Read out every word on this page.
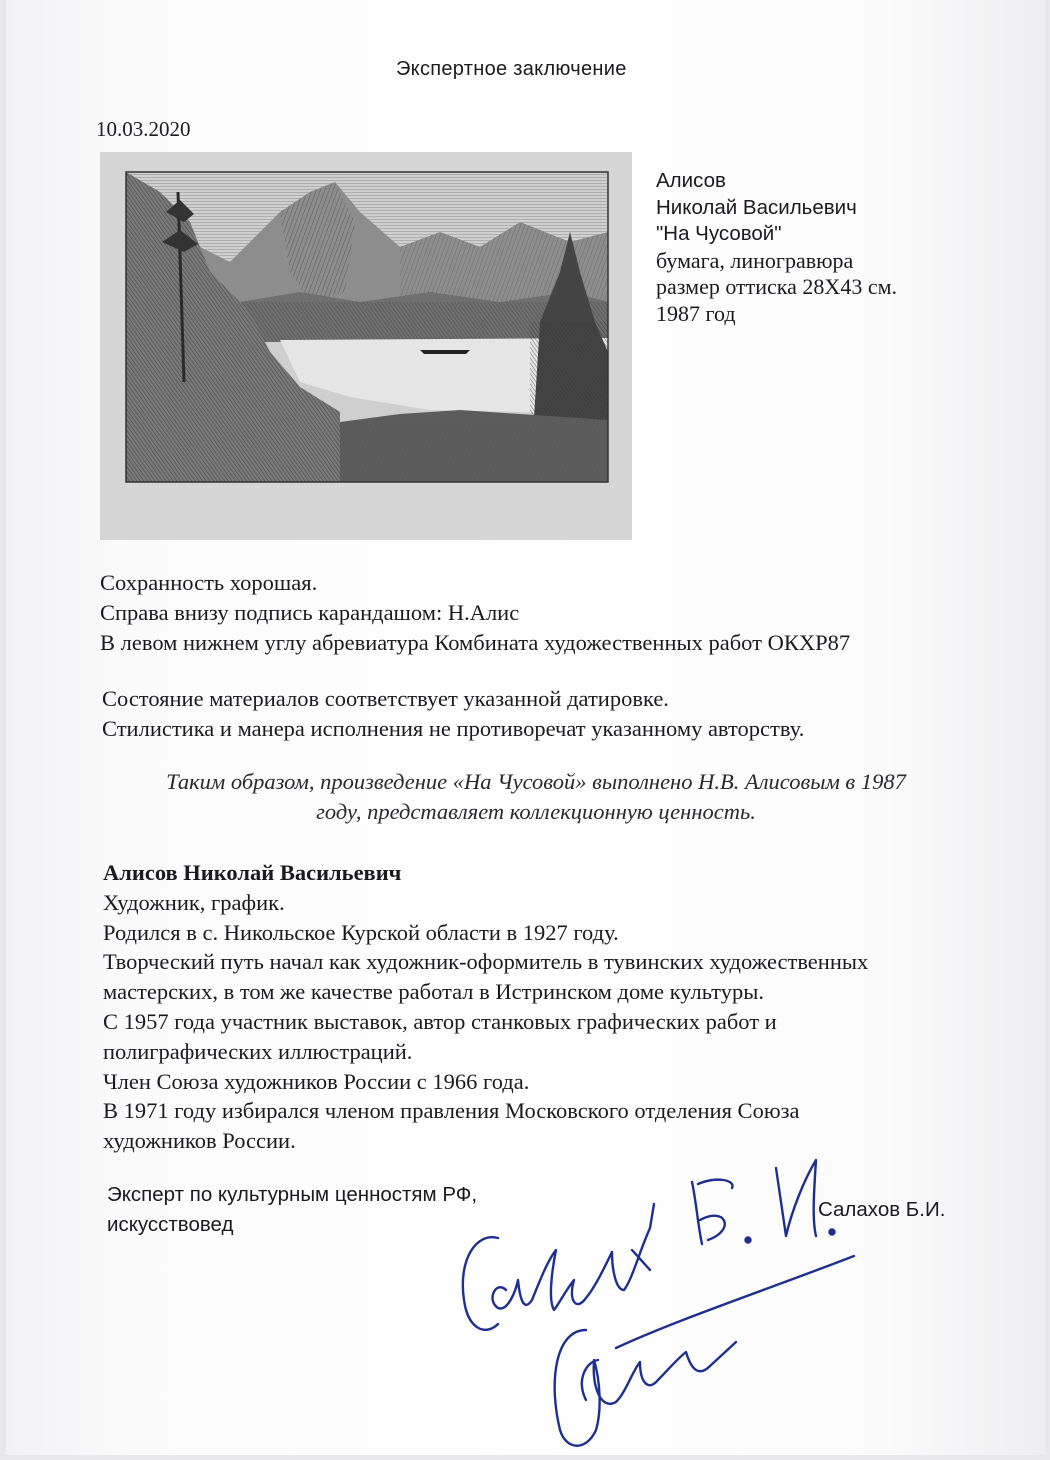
Экспертное заключение
10.03.2020
Алисов
Николай Васильевич
"На Чусовой"
бумага, линогравюра
размер оттиска 28Х43 см.
1987 год
Сохранность хорошая.
Справа внизу подпись карандашом: Н.Алис
В левом нижнем углу абревиатура Комбината художественных работ ОКХР87
Состояние материалов соответствует указанной датировке.
Стилистика и манера исполнения не противоречат указанному авторству.
Таким образом, произведение «На Чусовой» выполнено Н.В. Алисовым в 1987
году, представляет коллекционную ценность.
Алисов Николай Васильевич
Художник, график.
Родился в с. Никольское Курской области в 1927 году.
Творческий путь начал как художник-оформитель в тувинских художественных
мастерских, в том же качестве работал в Истринском доме культуры.
С 1957 года участник выставок, автор станковых графических работ и
полиграфических иллюстраций.
Член Союза художников России с 1966 года.
В 1971 году избирался членом правления Московского отделения Союза
художников России.
Эксперт по культурным ценностям РФ,
искусствовед
Салахов Б.И.
